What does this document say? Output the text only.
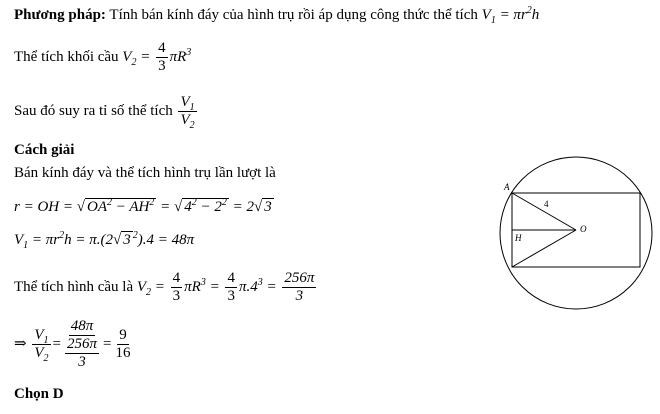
Phương pháp: Tính bán kính đáy của hình trụ rồi áp dụng công thức thể tích $V_1 = \pi r^2h$
Thể tích khối cầu $V_2 = \frac{4}{3} \pi R^3$
Sau đó suy ra tỉ số thể tích $\frac{V_1}{V_2}$
Cách giải
Bán kính đáy và thể tích hình trụ lần lượt là
r = OH = √ $OA^2 - AH^2$ = √ $4^2 - 2^2 = 2√$ 3
$V_1 = \pi r^2h = \pi.(2√$ 3 $^2$).4 = 48π
Thể tích hình cầu là $V_2 = \frac{4}{3} \pi R^3 = \frac{4}{3} \pi.4^3 = \frac{256\pi}{3}$
⇒ $\frac{V_1}{V_2} = \frac{48\pi}{\frac{256\pi}{3}} = \frac{9}{16}$
Chọn D
A
O
H
4
